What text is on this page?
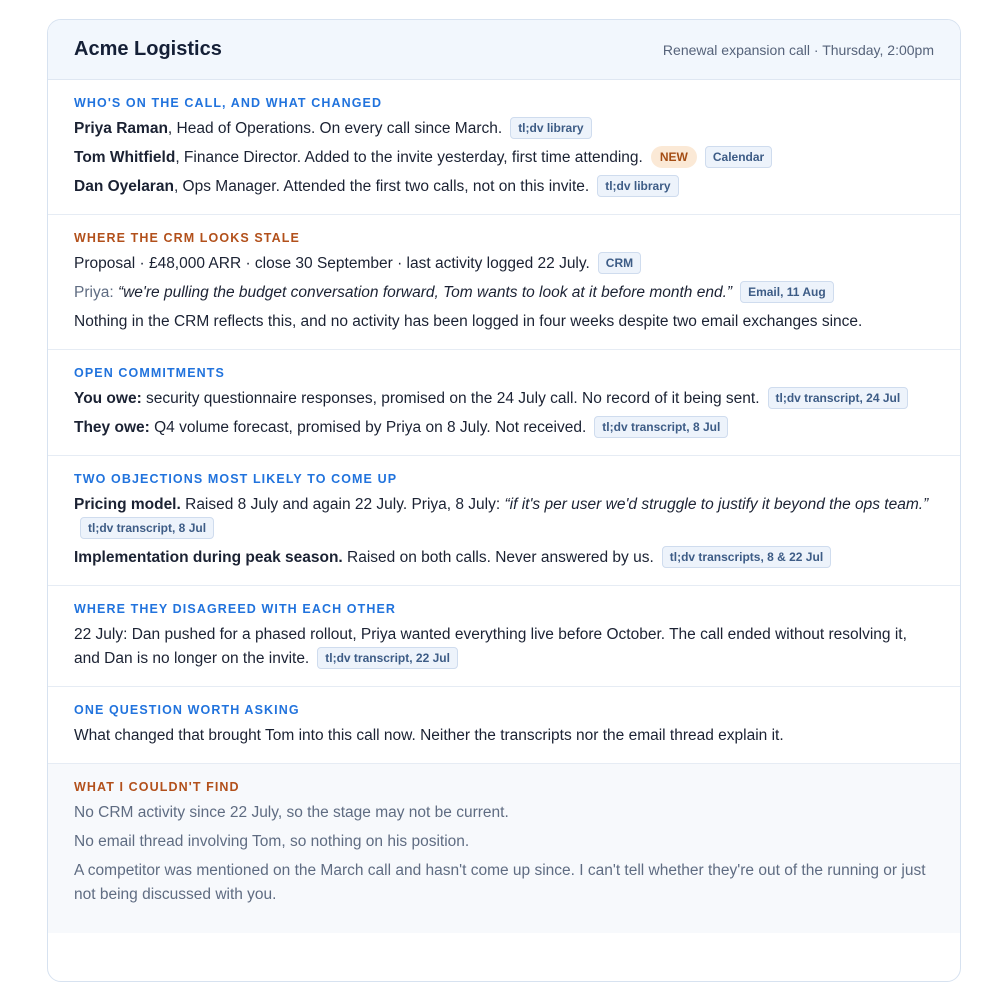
Acme Logistics	Renewal expansion call · Thursday, 2:00pm
WHO'S ON THE CALL, AND WHAT CHANGED
Priya Raman, Head of Operations. On every call since March. tl;dv library
Tom Whitfield, Finance Director. Added to the invite yesterday, first time attending. NEW Calendar
Dan Oyelaran, Ops Manager. Attended the first two calls, not on this invite. tl;dv library
WHERE THE CRM LOOKS STALE
Proposal · £48,000 ARR · close 30 September · last activity logged 22 July. CRM
Priya: “we're pulling the budget conversation forward, Tom wants to look at it before month end.” Email, 11 Aug
Nothing in the CRM reflects this, and no activity has been logged in four weeks despite two email exchanges since.
OPEN COMMITMENTS
You owe: security questionnaire responses, promised on the 24 July call. No record of it being sent. tl;dv transcript, 24 Jul
They owe: Q4 volume forecast, promised by Priya on 8 July. Not received. tl;dv transcript, 8 Jul
TWO OBJECTIONS MOST LIKELY TO COME UP
Pricing model. Raised 8 July and again 22 July. Priya, 8 July: “if it's per user we'd struggle to justify it beyond the ops team.” tl;dv transcript, 8 Jul
Implementation during peak season. Raised on both calls. Never answered by us. tl;dv transcripts, 8 & 22 Jul
WHERE THEY DISAGREED WITH EACH OTHER
22 July: Dan pushed for a phased rollout, Priya wanted everything live before October. The call ended without resolving it, and Dan is no longer on the invite. tl;dv transcript, 22 Jul
ONE QUESTION WORTH ASKING
What changed that brought Tom into this call now. Neither the transcripts nor the email thread explain it.
WHAT I COULDN'T FIND
No CRM activity since 22 July, so the stage may not be current.
No email thread involving Tom, so nothing on his position.
A competitor was mentioned on the March call and hasn't come up since. I can't tell whether they're out of the running or just not being discussed with you.
